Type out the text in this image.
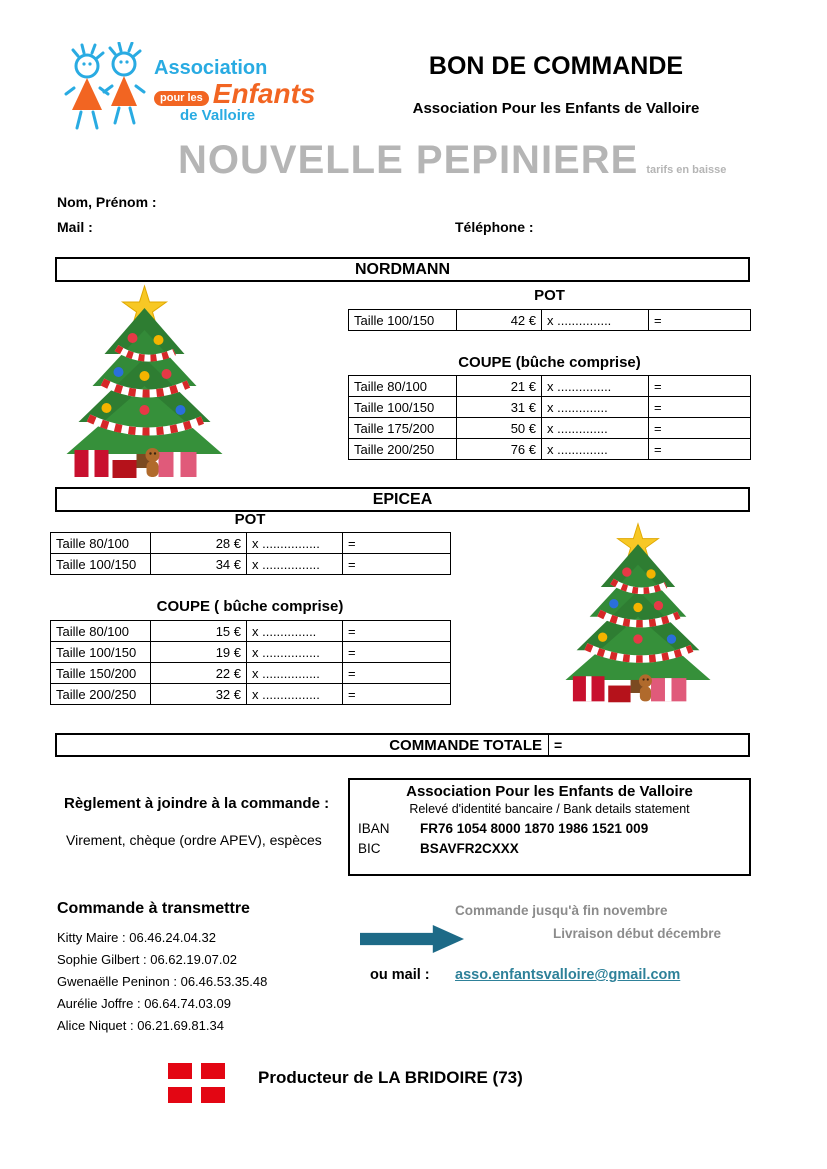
Association
pour les Enfants
de Valloire
BON DE COMMANDE
Association Pour les Enfants de Valloire
NOUVELLE PEPINIERE tarifs en baisse
Nom, Prénom :
Mail :	Téléphone :
NORDMANN
POT
Taille 100/150	42 €	x ...............	=
COUPE (bûche comprise)
Taille 80/100	21 €	x ...............	=
Taille 100/150	31 €	x ..............	=
Taille 175/200	50 €	x ..............	=
Taille 200/250	76 €	x ..............	=
EPICEA
POT
Taille 80/100	28 €	x ................	=
Taille 100/150	34 €	x ................	=
COUPE ( bûche comprise)
Taille 80/100	15 €	x ...............	=
Taille 100/150	19 €	x ................	=
Taille 150/200	22 €	x ................	=
Taille 200/250	32 €	x ................	=
COMMANDE TOTALE =
Règlement à joindre à la commande :
Virement, chèque (ordre APEV), espèces
Association Pour les Enfants de Valloire
Relevé d'identité bancaire / Bank details statement
IBAN	FR76 1054 8000 1870 1986 1521 009
BIC	BSAVFR2CXXX
Commande à transmettre
Kitty Maire : 06.46.24.04.32
Sophie Gilbert : 06.62.19.07.02
Gwenaëlle Peninon : 06.46.53.35.48
Aurélie Joffre : 06.64.74.03.09
Alice Niquet : 06.21.69.81.34
Commande jusqu'à fin novembre
Livraison début décembre
ou mail : asso.enfantsvalloire@gmail.com
Producteur de LA BRIDOIRE (73)
